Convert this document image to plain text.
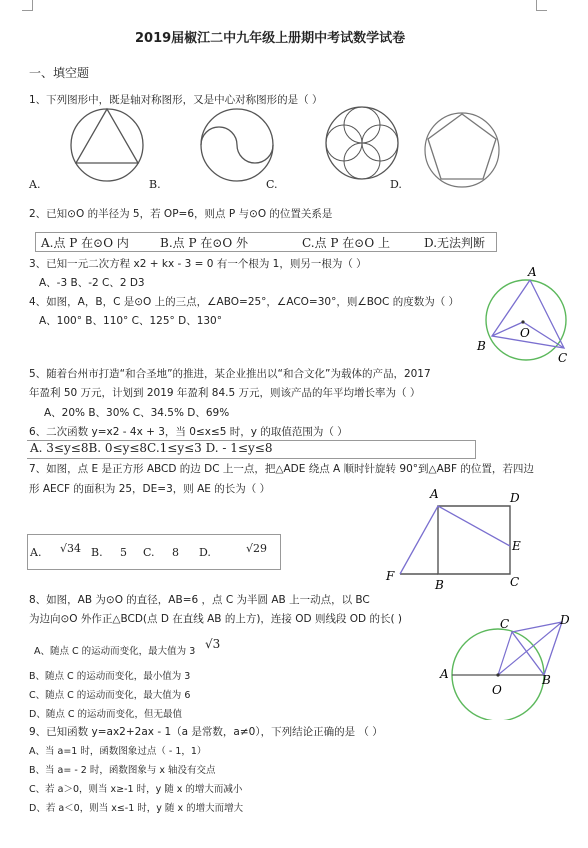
2019届椒江二中九年级上册期中考试数学试卷
一、填空题
1、下列图形中，既是轴对称图形，又是中心对称图形的是（ ）
A.	B.	C.	D.
2、已知⊙O 的半径为 5，若 OP=6，则点 P 与⊙O 的位置关系是
A.点 P 在⊙O 内	B.点 P 在⊙O 外	C.点 P 在⊙O 上	D.无法判断
3、已知一元二次方程 x2 + kx - 3 = 0 有一个根为 1，则另一根为（ ）
A、-3 B、-2 C、2 D3
4、如图，A，B，C 是⊙O 上的三点，∠ABO=25°，∠ACO=30°，则∠BOC 的度数为（ ）
A、100° B、110° C、125° D、130°
A
B
C
O
5、随着台州市打造“和合圣地”的推进，某企业推出以“和合文化”为载体的产品，2017
年盈利 50 万元，计划到 2019 年盈利 84.5 万元，则该产品的年平均增长率为（ ）
A、20% B、30% C、34.5% D、69%
6、二次函数 y=x2 - 4x + 3，当 0≤x≤5 时，y 的取值范围为（ ）
A. 3≤y≤8B. 0≤y≤8C.1≤y≤3 D. - 1≤y≤8
7、如图，点 E 是正方形 ABCD 的边 DC 上一点，把△ADE 绕点 A 顺时针旋转 90°到△ABF 的位置，若四边
形 AECF 的面积为 25，DE=3，则 AE 的长为（ ）
A. √34 B. 5 C. 8 D.	√29
A	D
E
F
B	C
8、如图，AB 为⊙O 的直径，AB=6 ，点 C 为半圆 AB 上一动点，以 BC
为边向⊙O 外作正△BCD(点 D 在直线 AB 的上方)，连接 OD 则线段 OD 的长( )
A、随点 C 的运动而变化，最大值为 3
√3
B、随点 C 的运动而变化，最小值为 3
C、随点 C 的运动而变化，最大值为 6
D、随点 C 的运动而变化，但无最值
C	D
A
O
B
9、已知函数 y=ax2+2ax - 1（a 是常数，a≠0），下列结论正确的是 （ ）
A、当 a=1 时，函数图象过点（ - 1，1）
B、当 a= - 2 时，函数图象与 x 轴没有交点
C、若 a＞0，则当 x≥-1 时，y 随 x 的增大而减小
D、若 a＜0，则当 x≤-1 时，y 随 x 的增大而增大
